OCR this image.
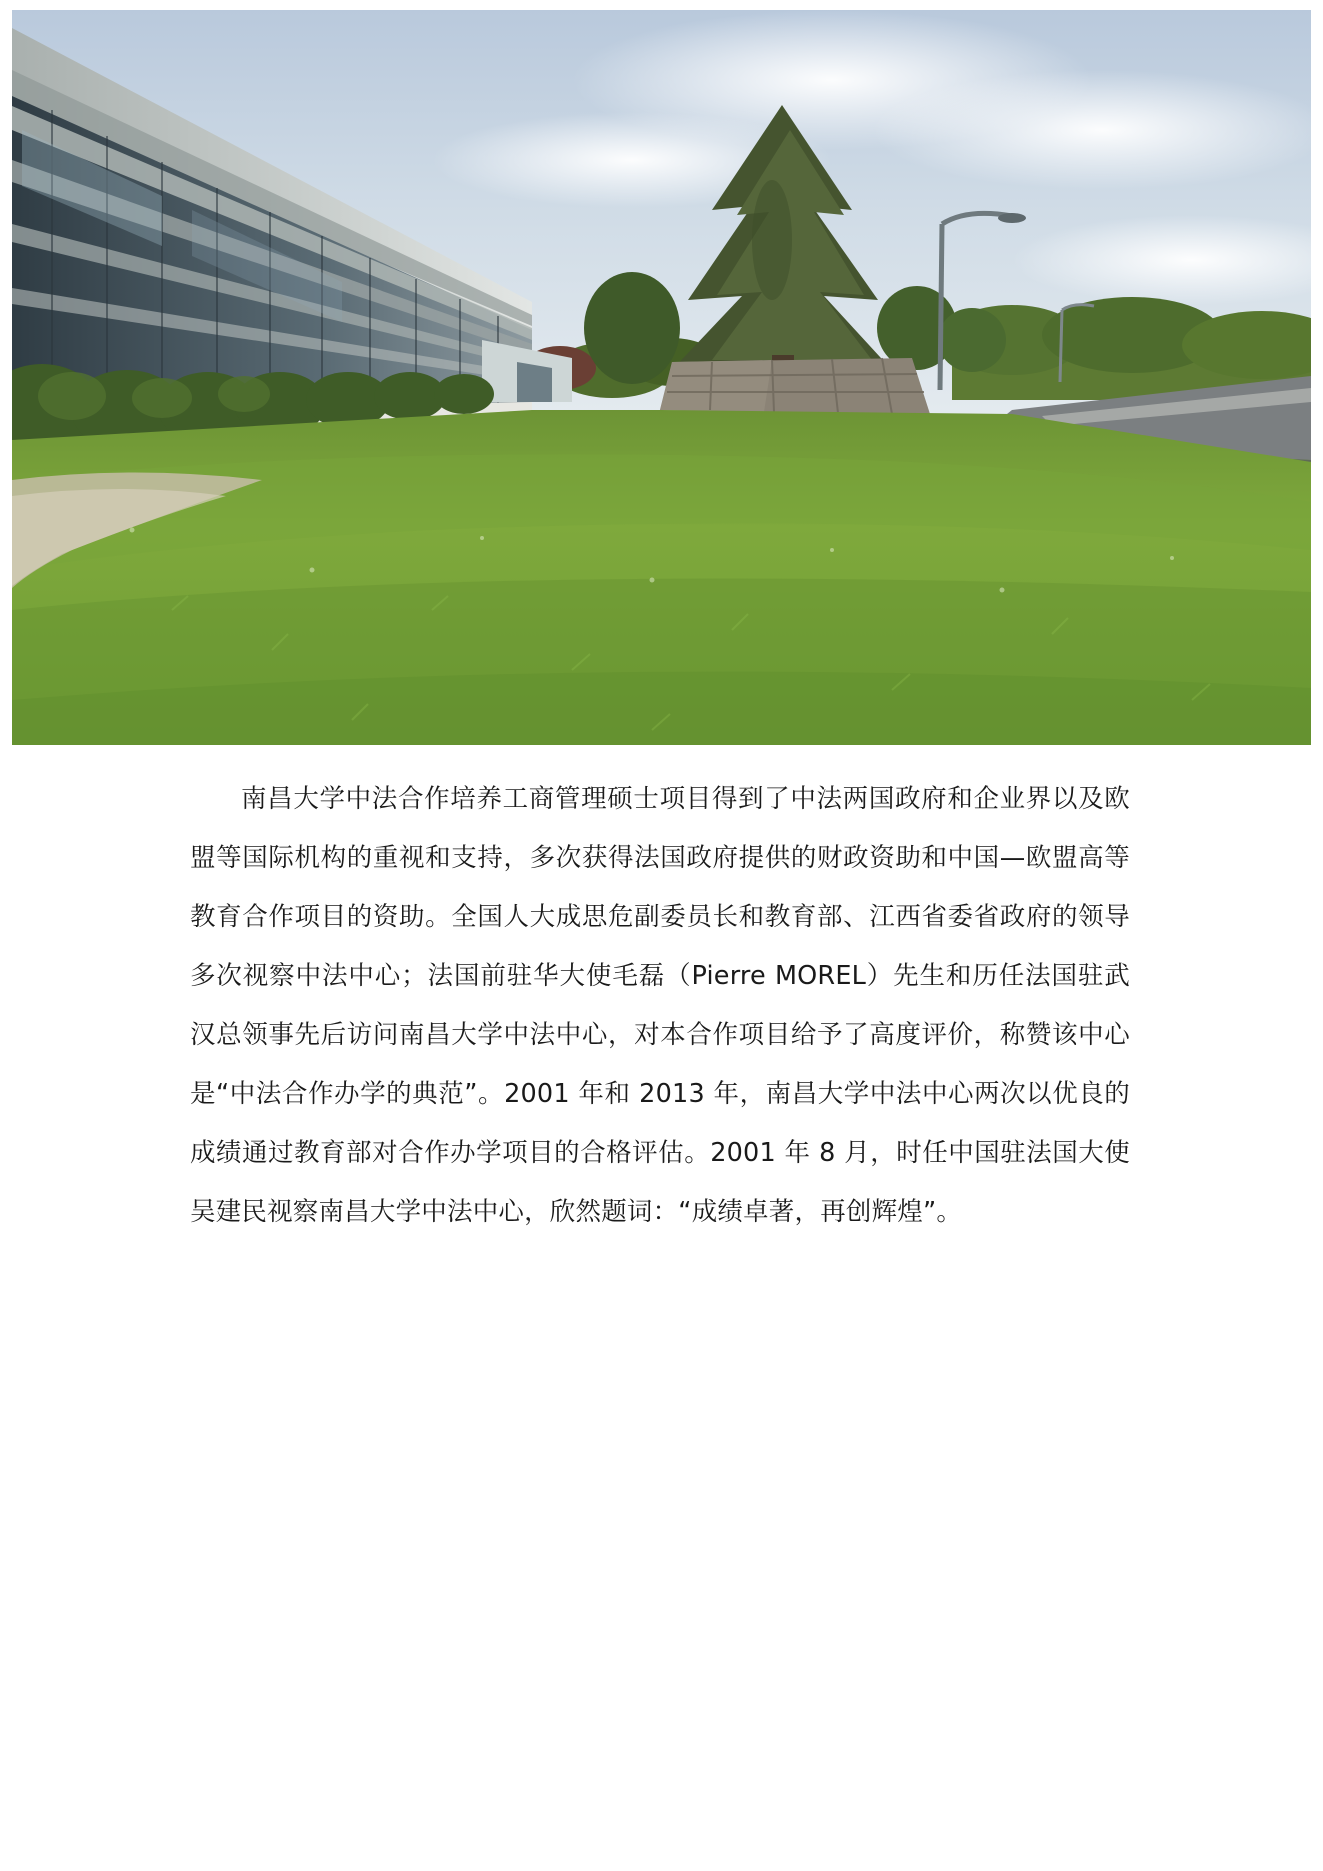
南昌大学中法合作培养工商管理硕士项目得到了中法两国政府和企业界以及欧盟等国际机构的重视和支持，多次获得法国政府提供的财政资助和中国—欧盟高等教育合作项目的资助。全国人大成思危副委员长和教育部、江西省委省政府的领导多次视察中法中心；法国前驻华大使毛磊（Pierre MOREL）先生和历任法国驻武汉总领事先后访问南昌大学中法中心，对本合作项目给予了高度评价，称赞该中心是“中法合作办学的典范”。2001 年和 2013 年，南昌大学中法中心两次以优良的成绩通过教育部对合作办学项目的合格评估。2001 年 8 月，时任中国驻法国大使吴建民视察南昌大学中法中心，欣然题词：“成绩卓著，再创辉煌”。
